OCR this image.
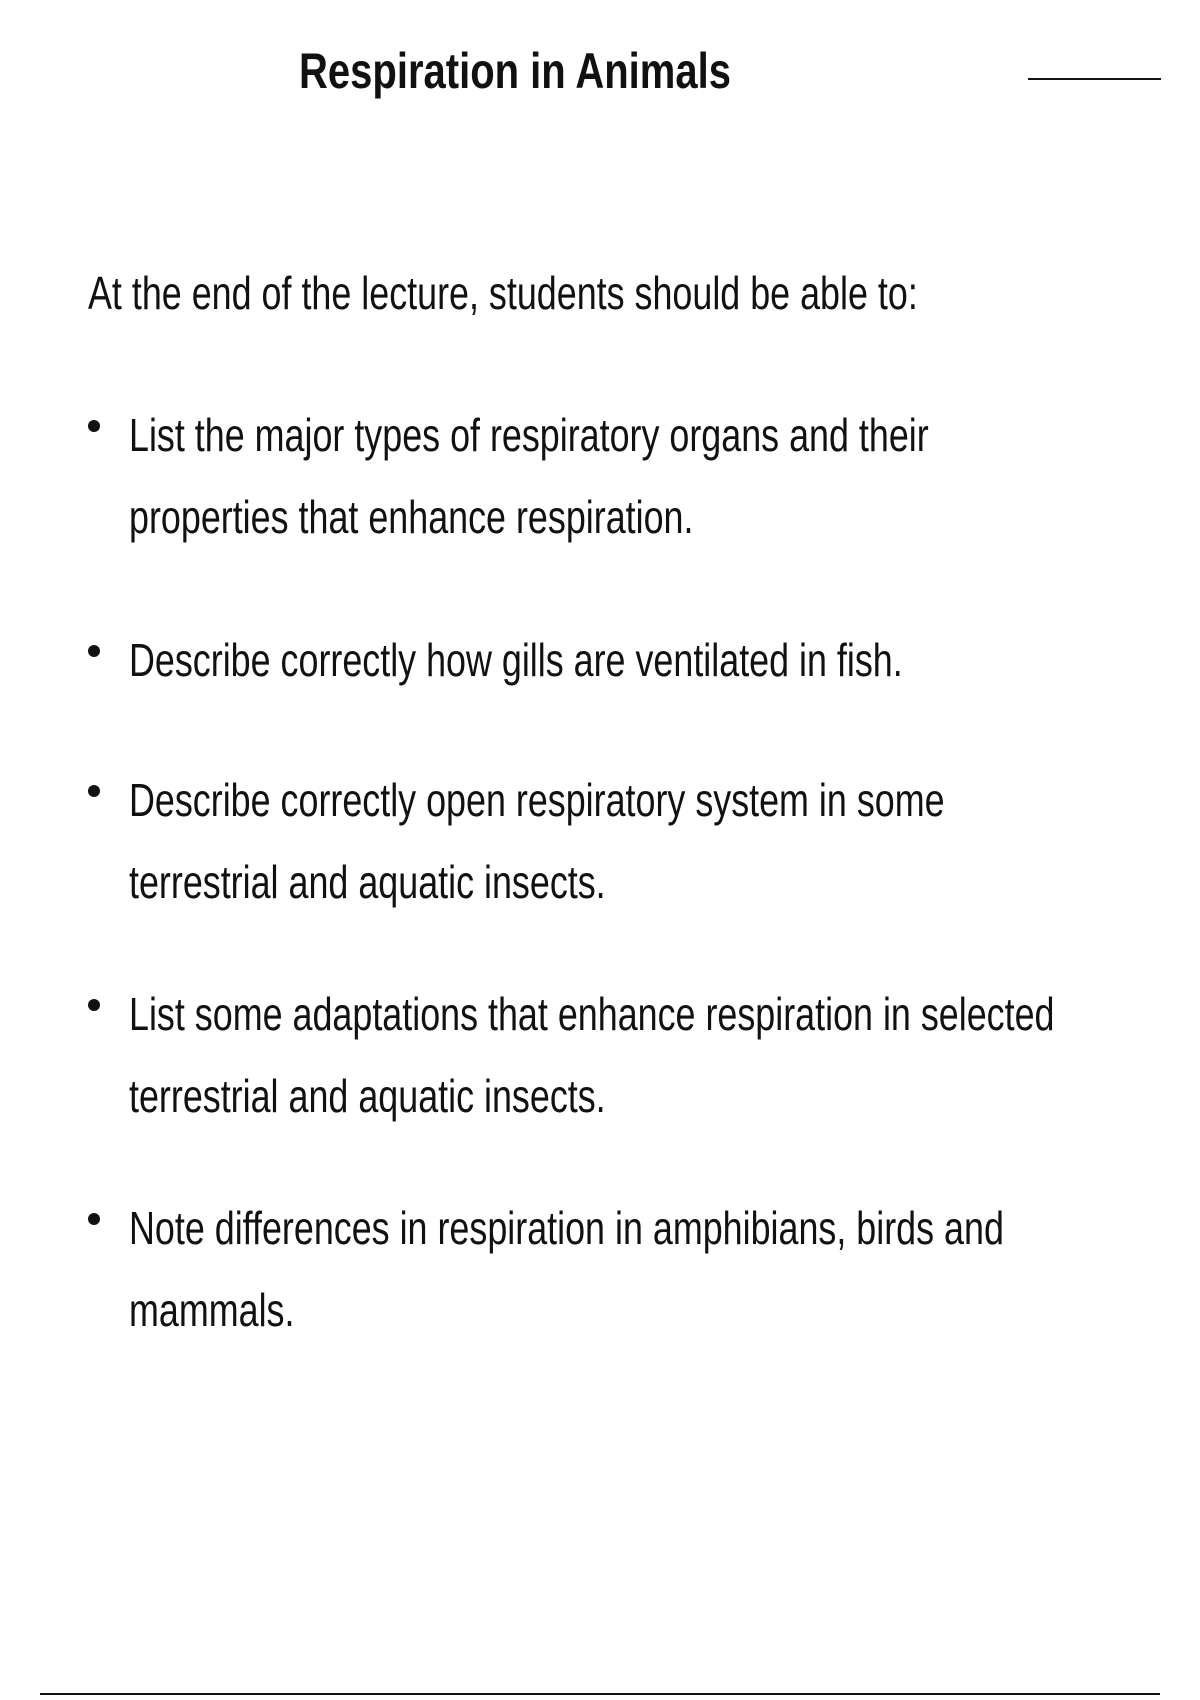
Respiration in Animals

At the end of the lecture, students should be able to:

List the major types of respiratory organs and their
properties that enhance respiration.
Describe correctly how gills are ventilated in fish.
Describe correctly open respiratory system in some
terrestrial and aquatic insects.
List some adaptations that enhance respiration in selected
terrestrial and aquatic insects.
Note differences in respiration in amphibians, birds and
mammals.
